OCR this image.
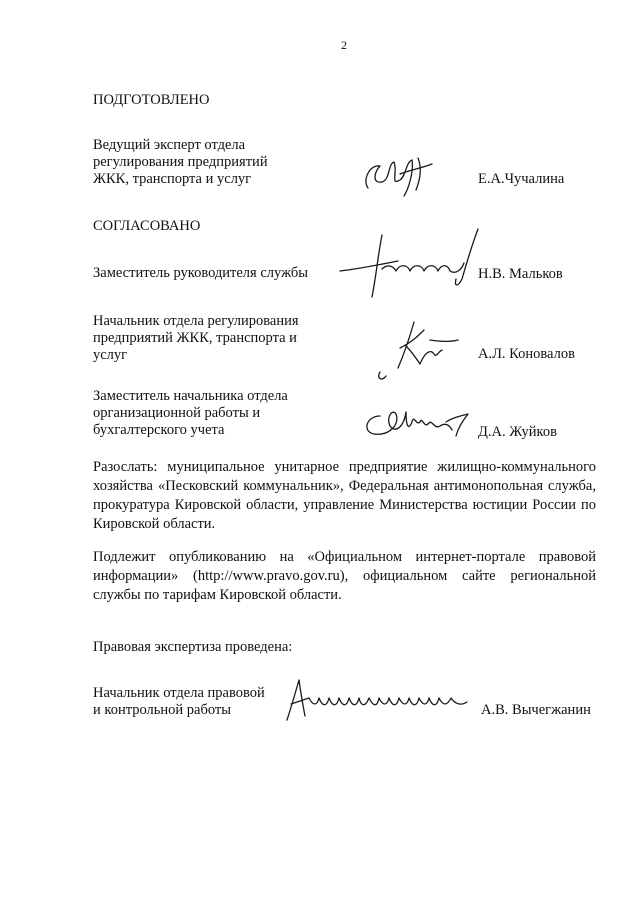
2
ПОДГОТОВЛЕНО
Ведущий эксперт отдела
регулирования предприятий
ЖКК, транспорта и услуг	Е.А.Чучалина
СОГЛАСОВАНО
Заместитель руководителя службы	Н.В. Мальков
Начальник отдела регулирования
предприятий ЖКК, транспорта и
услуг	А.Л. Коновалов
Заместитель начальника отдела
организационной работы и
бухгалтерского учета	Д.А. Жуйков
Разослать: муниципальное унитарное предприятие жилищно-коммунального хозяйства «Песковский коммунальник», Федеральная антимонопольная служба, прокуратура Кировской области, управление Министерства юстиции России по Кировской области.
Подлежит опубликованию на «Официальном интернет-портале правовой информации» (http://www.pravo.gov.ru), официальном сайте региональной службы по тарифам Кировской области.
Правовая экспертиза проведена:
Начальник отдела правовой
и контрольной работы	А.В. Вычегжанин
